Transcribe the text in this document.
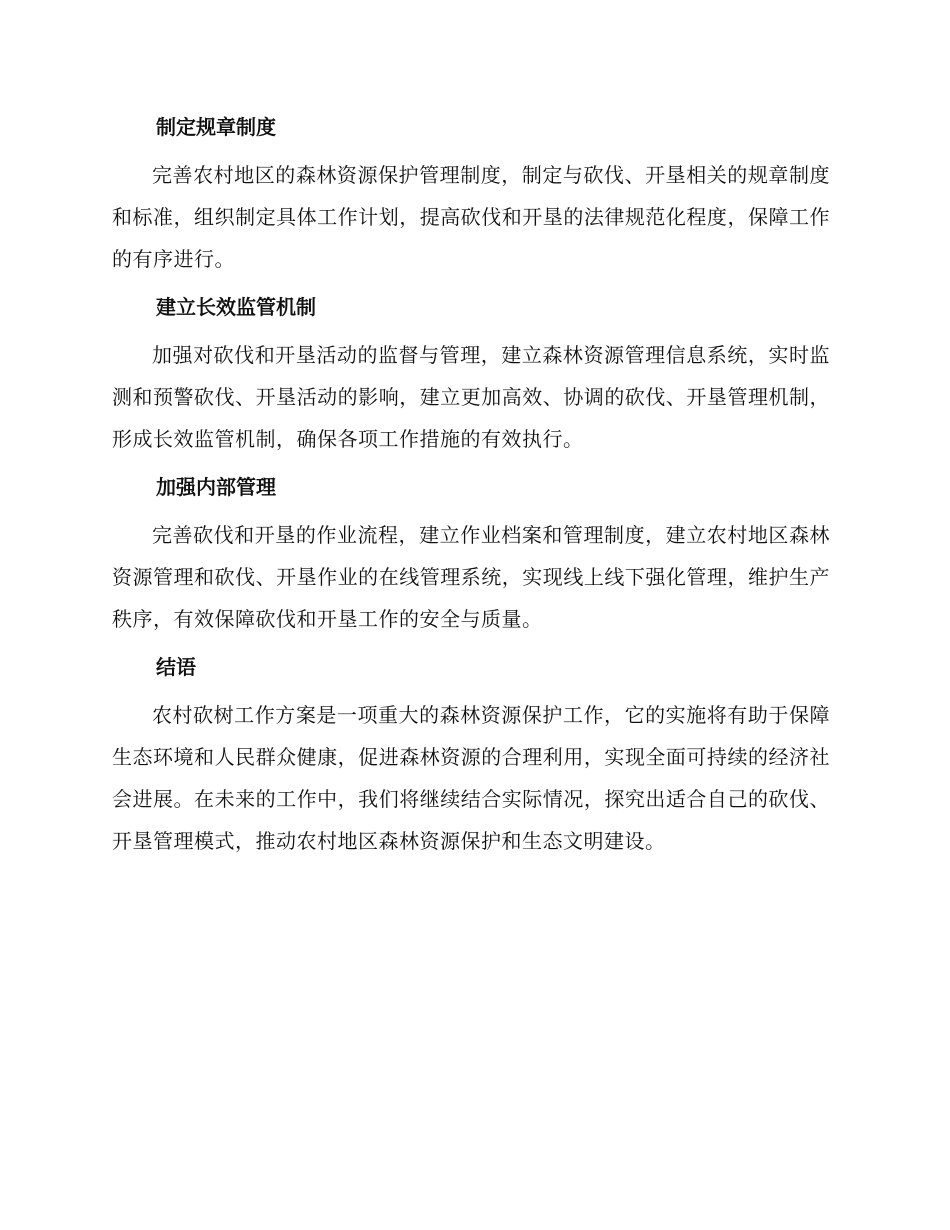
制定规章制度

完善农村地区的森林资源保护管理制度，制定与砍伐、开垦相关的规章制度和标准，组织制定具体工作计划，提高砍伐和开垦的法律规范化程度，保障工作的有序进行。

建立长效监管机制

加强对砍伐和开垦活动的监督与管理，建立森林资源管理信息系统，实时监测和预警砍伐、开垦活动的影响，建立更加高效、协调的砍伐、开垦管理机制，形成长效监管机制，确保各项工作措施的有效执行。

加强内部管理

完善砍伐和开垦的作业流程，建立作业档案和管理制度，建立农村地区森林资源管理和砍伐、开垦作业的在线管理系统，实现线上线下强化管理，维护生产秩序，有效保障砍伐和开垦工作的安全与质量。

结语

农村砍树工作方案是一项重大的森林资源保护工作，它的实施将有助于保障生态环境和人民群众健康，促进森林资源的合理利用，实现全面可持续的经济社会进展。在未来的工作中，我们将继续结合实际情况，探究出适合自己的砍伐、开垦管理模式，推动农村地区森林资源保护和生态文明建设。
